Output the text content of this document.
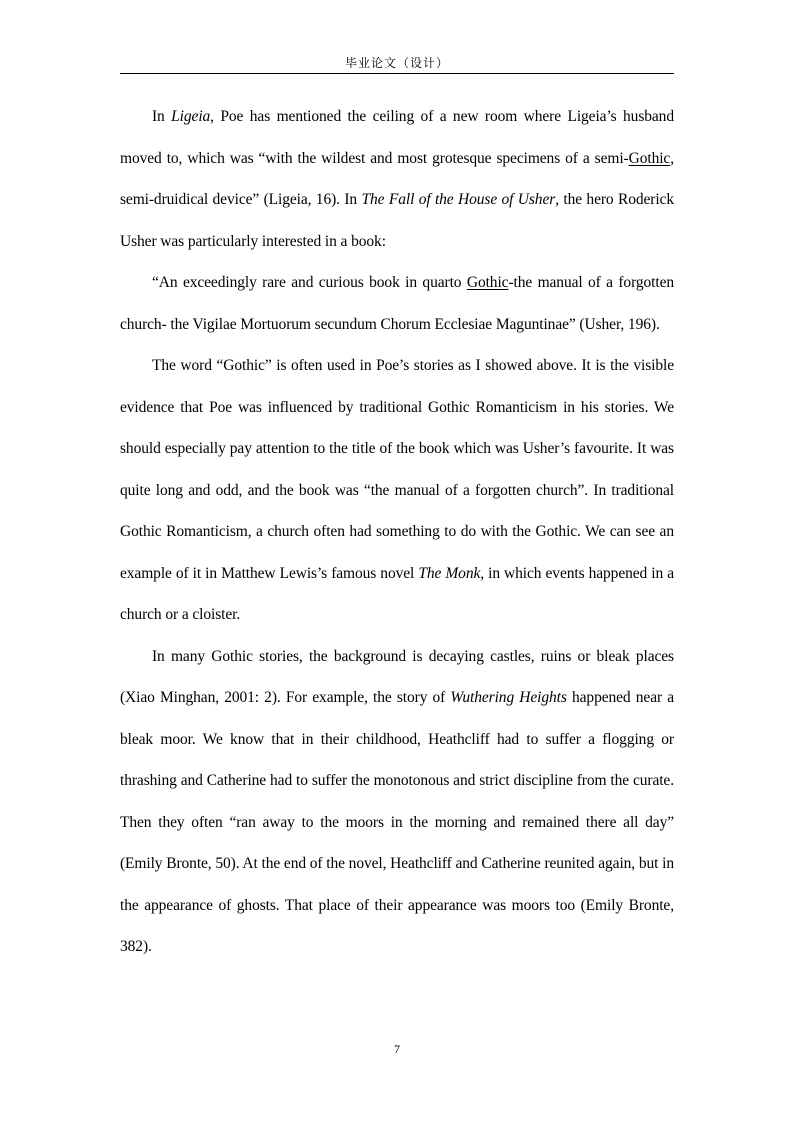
毕业论文（设计）

In Ligeia, Poe has mentioned the ceiling of a new room where Ligeia’s husband moved to, which was “with the wildest and most grotesque specimens of a semi-Gothic, semi-druidical device” (Ligeia, 16). In The Fall of the House of Usher, the hero Roderick Usher was particularly interested in a book:

“An exceedingly rare and curious book in quarto Gothic-the manual of a forgotten church- the Vigilae Mortuorum secundum Chorum Ecclesiae Maguntinae” (Usher, 196).

The word “Gothic” is often used in Poe’s stories as I showed above. It is the visible evidence that Poe was influenced by traditional Gothic Romanticism in his stories. We should especially pay attention to the title of the book which was Usher’s favourite. It was quite long and odd, and the book was “the manual of a forgotten church”. In traditional Gothic Romanticism, a church often had something to do with the Gothic. We can see an example of it in Matthew Lewis’s famous novel The Monk, in which events happened in a church or a cloister.

In many Gothic stories, the background is decaying castles, ruins or bleak places (Xiao Minghan, 2001: 2). For example, the story of Wuthering Heights happened near a bleak moor. We know that in their childhood, Heathcliff had to suffer a flogging or thrashing and Catherine had to suffer the monotonous and strict discipline from the curate. Then they often “ran away to the moors in the morning and remained there all day” (Emily Bronte, 50). At the end of the novel, Heathcliff and Catherine reunited again, but in the appearance of ghosts. That place of their appearance was moors too (Emily Bronte, 382).

7
